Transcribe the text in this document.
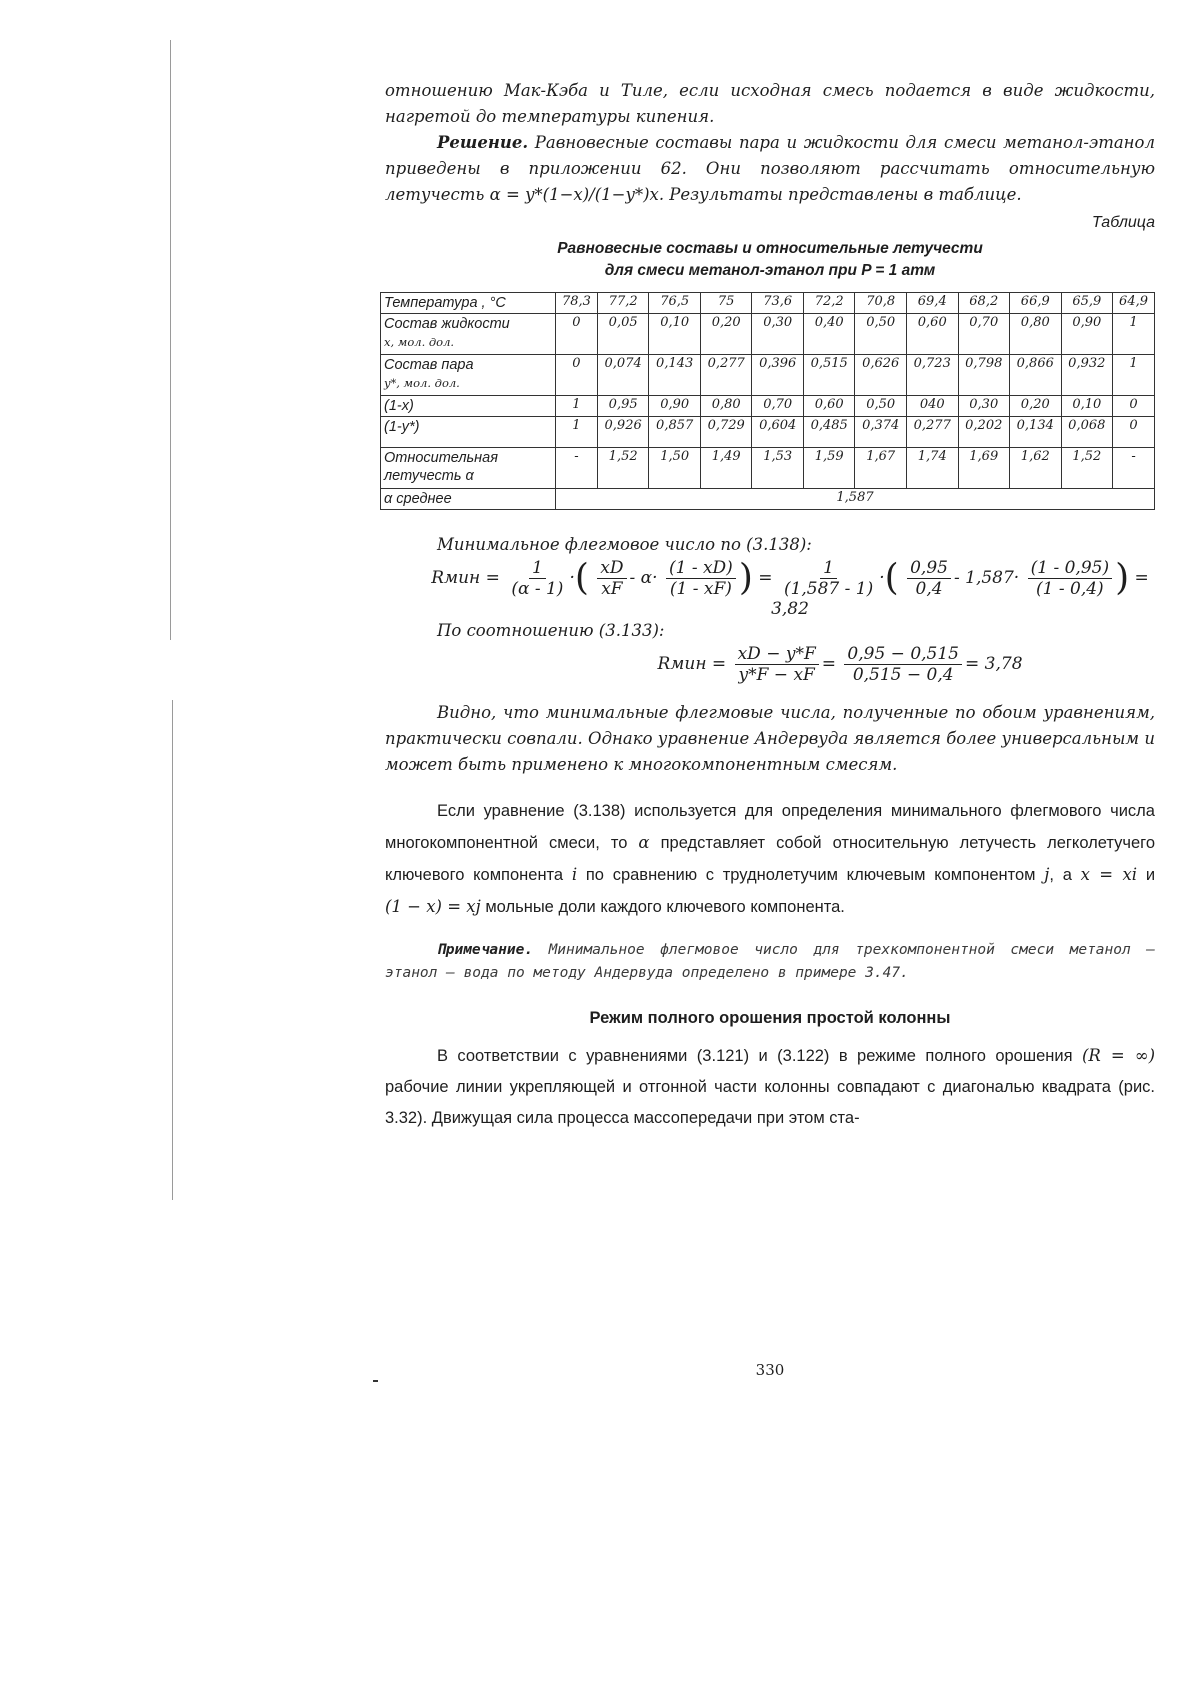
отношению Мак-Кэба и Тиле, если исходная смесь подается в виде жидкости, нагретой до температуры кипения.

Решение. Равновесные составы пара и жидкости для смеси метанол-этанол приведены в приложении 62. Они позволяют рассчитать относительную летучесть α = y*(1−x)/(1−y*)x. Результаты представлены в таблице.

Таблица
Равновесные составы и относительные летучести
для смеси метанол-этанол при P = 1 атм
Температура , °С	78,3	77,2	76,5	75	73,6	72,2	70,8	69,4	68,2	66,9	65,9	64,9
Состав жидкости
x, мол. дол.	0	0,05	0,10	0,20	0,30	0,40	0,50	0,60	0,70	0,80	0,90	1
Состав пара
y*, мол. дол.	0	0,074	0,143	0,277	0,396	0,515	0,626	0,723	0,798	0,866	0,932	1
(1-x)	1	0,95	0,90	0,80	0,70	0,60	0,50	040	0,30	0,20	0,10	0
(1-y*)	1	0,926	0,857	0,729	0,604	0,485	0,374	0,277	0,202	0,134	0,068	0
Относительная летучесть α	-	1,52	1,50	1,49	1,53	1,59	1,67	1,74	1,69	1,62	1,52	-
α среднее	1,587											

Минимальное флегмовое число по (3.138):

Rмин = $\frac{1}{(\alpha - 1)}$ ·( $\frac{xD}{xF} - \alpha\cdot \frac{(1 - xD)}{(1 - xF)}$ ) = $\frac{1}{(1,587 - 1)}$ ·( $\frac{0,95}{0,4} - 1,587\cdot \frac{(1 - 0,95)}{(1 - 0,4)}$ ) = 3,82

По соотношению (3.133):

Rмин = $\frac{xD - y*F}{y*F - xF} = \frac{0,95 - 0,515}{0,515 - 0,4} = 3,78$

Видно, что минимальные флегмовые числа, полученные по обоим уравнениям, практически совпали. Однако уравнение Андервуда является более универсальным и может быть применено к многокомпонентным смесям.

Если уравнение (3.138) используется для определения минимального флегмового числа многокомпонентной смеси, то α представляет собой относительную летучесть легколетучего ключевого компонента i по сравнению с труднолетучим ключевым компонентом j, а x = xi и (1 − x) = xj мольные доли каждого ключевого компонента.

Примечание. Минимальное флегмовое число для трехкомпонентной смеси метанол – этанол – вода по методу Андервуда определено в примере 3.47.

Режим полного орошения простой колонны

В соответствии с уравнениями (3.121) и (3.122) в режиме полного орошения (R = ∞) рабочие линии укрепляющей и отгонной части колонны совпадают с диагональю квадрата (рис. 3.32). Движущая сила процесса массопередачи при этом ста-

330
